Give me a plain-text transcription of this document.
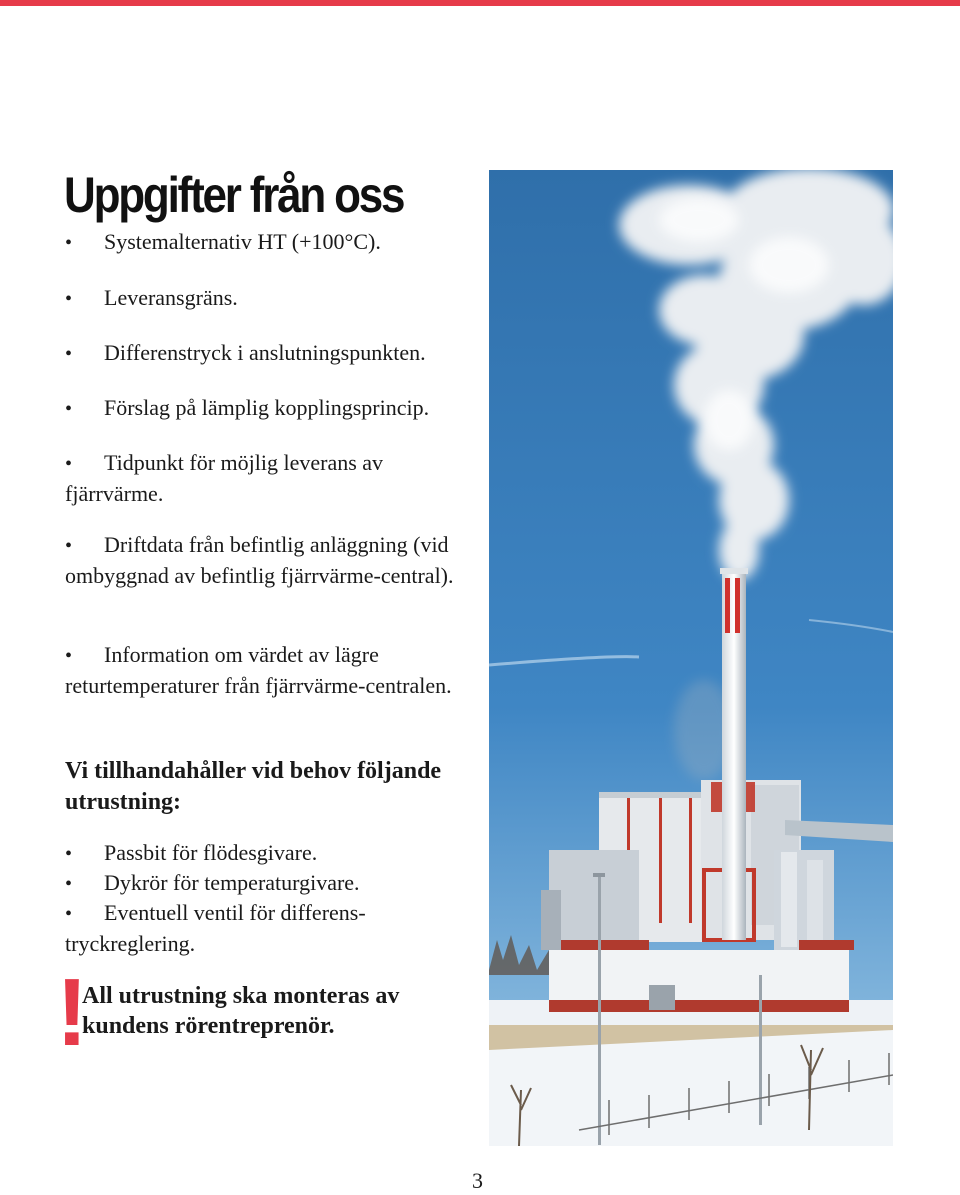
Uppgifter från oss

• Systemalternativ HT (+100°C).

• Leveransgräns.

• Differenstryck i anslutningspunkten.

• Förslag på lämplig kopplingsprincip.

• Tidpunkt för möjlig leverans av fjärrvärme.

• Driftdata från befintlig anläggning (vid ombyggnad av befintlig fjärrvärme-central).

• Information om värdet av lägre returtemperaturer från fjärrvärme-centralen.

Vi tillhandahåller vid behov följande utrustning:

• Passbit för flödesgivare.

• Dykrör för temperaturgivare.

• Eventuell ventil för differens-tryckreglering.

!

All utrustning ska monteras av kundens rörentreprenör.

3
